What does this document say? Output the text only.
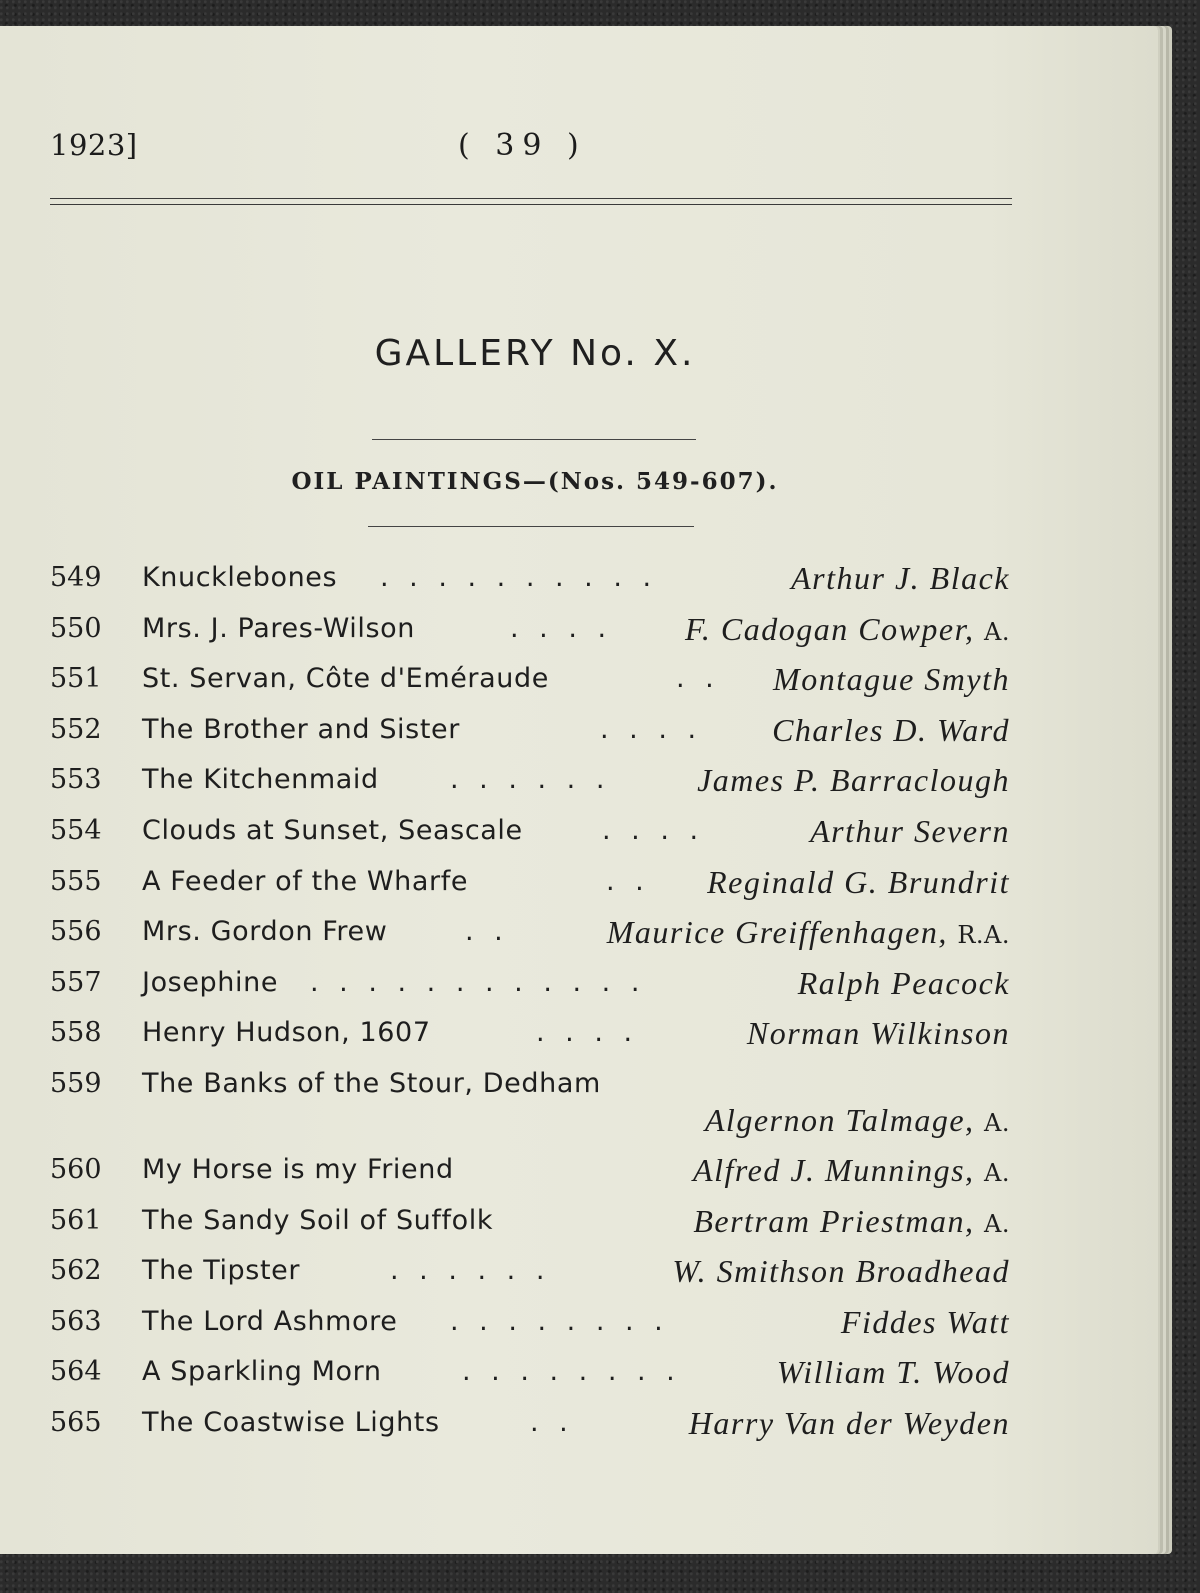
1923]	( 39 )
GALLERY No. X.
OIL PAINTINGS—(Nos. 549-607).
549 Knucklebones . . . . . . . . . .	Arthur J. Black
550 Mrs. J. Pares-Wilson	. . . . F. Cadogan Cowper, A.
551 St. Servan, Côte d'Eméraude	. . Montague Smyth
552 The Brother and Sister	. . . . Charles D. Ward
553 The Kitchenmaid	. . . . . .	James P. Barraclough
554 Clouds at Sunset, Seascale	. . . .	Arthur Severn
555 A Feeder of the Wharfe	. . Reginald G. Brundrit
556 Mrs. Gordon Frew	. .	Maurice Greiffenhagen, R.A.
557 Josephine . . . . . . . . . . . .	Ralph Peacock
558 Henry Hudson, 1607	. . . .	Norman Wilkinson
559 The Banks of the Stour, Dedham
Algernon Talmage, A.
560 My Horse is my Friend	Alfred J. Munnings, A.
561 The Sandy Soil of Suffolk	Bertram Priestman, A.
562 The Tipster	. . . . . .	W. Smithson Broadhead
563 The Lord Ashmore . . . . . . . .	Fiddes Watt
564 A Sparkling Morn	. . . . . . . .	William T. Wood
565 The Coastwise Lights	. .	Harry Van der Weyden
